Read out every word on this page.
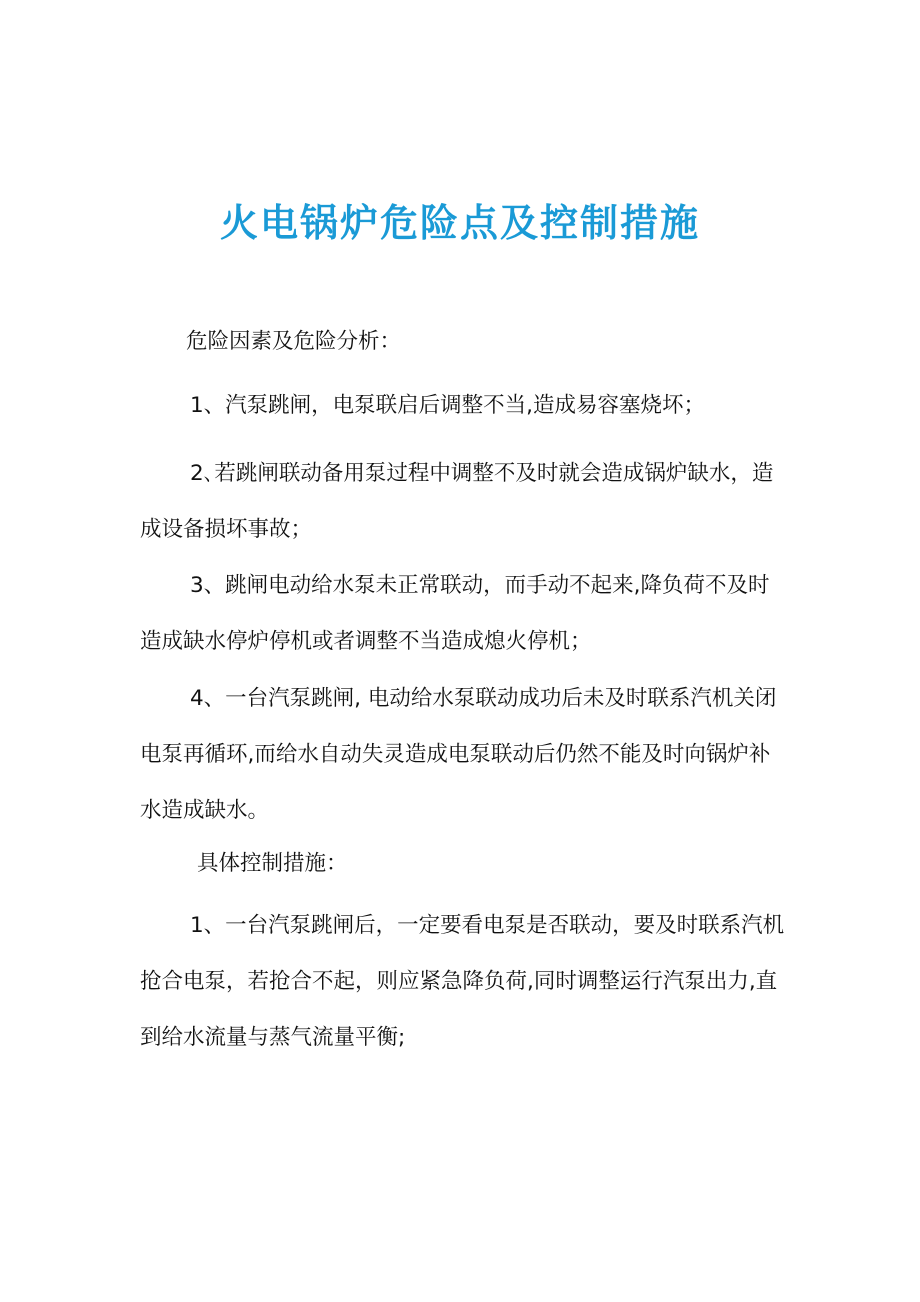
火电锅炉危险点及控制措施

危险因素及危险分析：

1、汽泵跳闸，电泵联启后调整不当,造成易容塞烧坏；

2､若跳闸联动备用泵过程中调整不及时就会造成锅炉缺水，造成设备损坏事故；

3、跳闸电动给水泵未正常联动，而手动不起来,降负荷不及时造成缺水停炉停机或者调整不当造成熄火停机；

4、一台汽泵跳闸, 电动给水泵联动成功后未及时联系汽机关闭电泵再循环,而给水自动失灵造成电泵联动后仍然不能及时向锅炉补水造成缺水。

具体控制措施：

1、一台汽泵跳闸后，一定要看电泵是否联动，要及时联系汽机抢合电泵，若抢合不起，则应紧急降负荷,同时调整运行汽泵出力,直到给水流量与蒸气流量平衡;
